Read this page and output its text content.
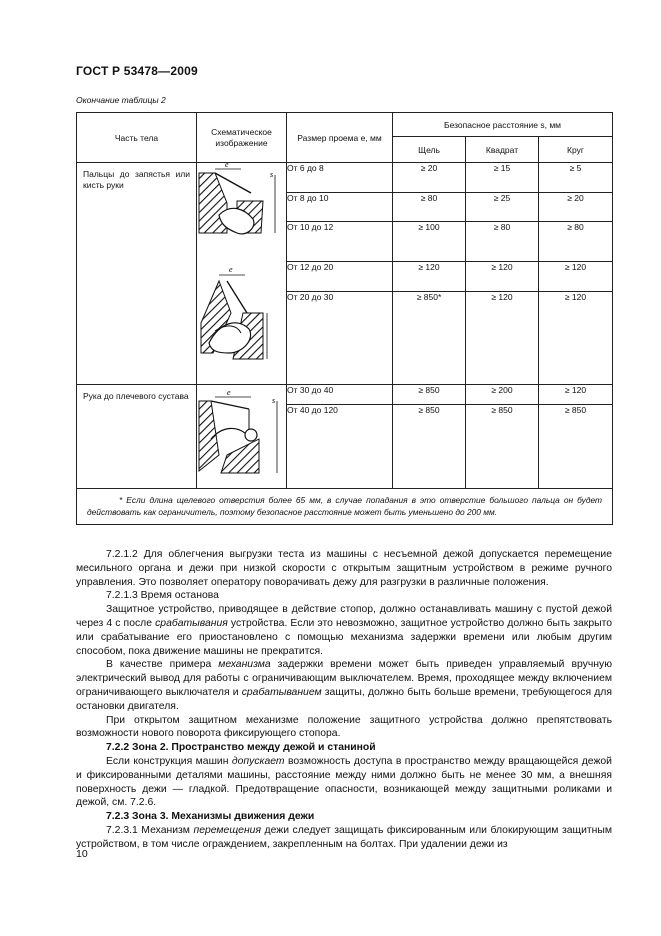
ГОСТ Р 53478—2009
Окончание таблицы 2
Часть тела	Схематическое изображение	Размер проема е, мм	Безопасное расстояние s, мм		
			Щель	Квадрат	Круг

Пальцы до запястья или кисть руки	e
s
e	От 6 до 8	≥ 20	≥ 15	≥ 5
		От 8 до 10	≥ 80	≥ 25	≥ 20
		От 10 до 12	≥ 100	≥ 80	≥ 80
		От 12 до 20	≥ 120	≥ 120	≥ 120
		От 20 до 30	≥ 850*	≥ 120	≥ 120

Рука до плечевого сустава	e
s	От 30 до 40	≥ 850	≥ 200	≥ 120
		От 40 до 120	≥ 850	≥ 850	≥ 850

* Если длина щелевого отверстия более 65 мм, в случае попадания в это отверстие большого пальца он будет действовать как ограничитель, поэтому безопасное расстояние может быть уменьшено до 200 мм.					

7.2.1.2 Для облегчения выгрузки теста из машины с несъемной дежой допускается перемещение месильного органа и дежи при низкой скорости с открытым защитным устройством в режиме ручного управления. Это позволяет оператору поворачивать дежу для разгрузки в различные положения.

7.2.1.3 Время останова

Защитное устройство, приводящее в действие стопор, должно останавливать машину с пустой дежой через 4 с после срабатывания устройства. Если это невозможно, защитное устройство должно быть закрыто или срабатывание его приостановлено с помощью механизма задержки времени или любым другим способом, пока движение машины не прекратится.

В качестве примера механизма задержки времени может быть приведен управляемый вручную электрический вывод для работы с ограничивающим выключателем. Время, проходящее между включением ограничивающего выключателя и срабатыванием защиты, должно быть больше времени, требующегося для остановки двигателя.

При открытом защитном механизме положение защитного устройства должно препятствовать возможности нового поворота фиксирующего стопора.

7.2.2 Зона 2. Пространство между дежой и станиной

Если конструкция машин допускает возможность доступа в пространство между вращающейся дежой и фиксированными деталями машины, расстояние между ними должно быть не менее 30 мм, а внешняя поверхность дежи — гладкой. Предотвращение опасности, возникающей между защитными роликами и дежой, см. 7.2.6.

7.2.3 Зона 3. Механизмы движения дежи

7.2.3.1 Механизм перемещения дежи следует защищать фиксированным или блокирующим защитным устройством, в том числе ограждением, закрепленным на болтах. При удалении дежи из

10
